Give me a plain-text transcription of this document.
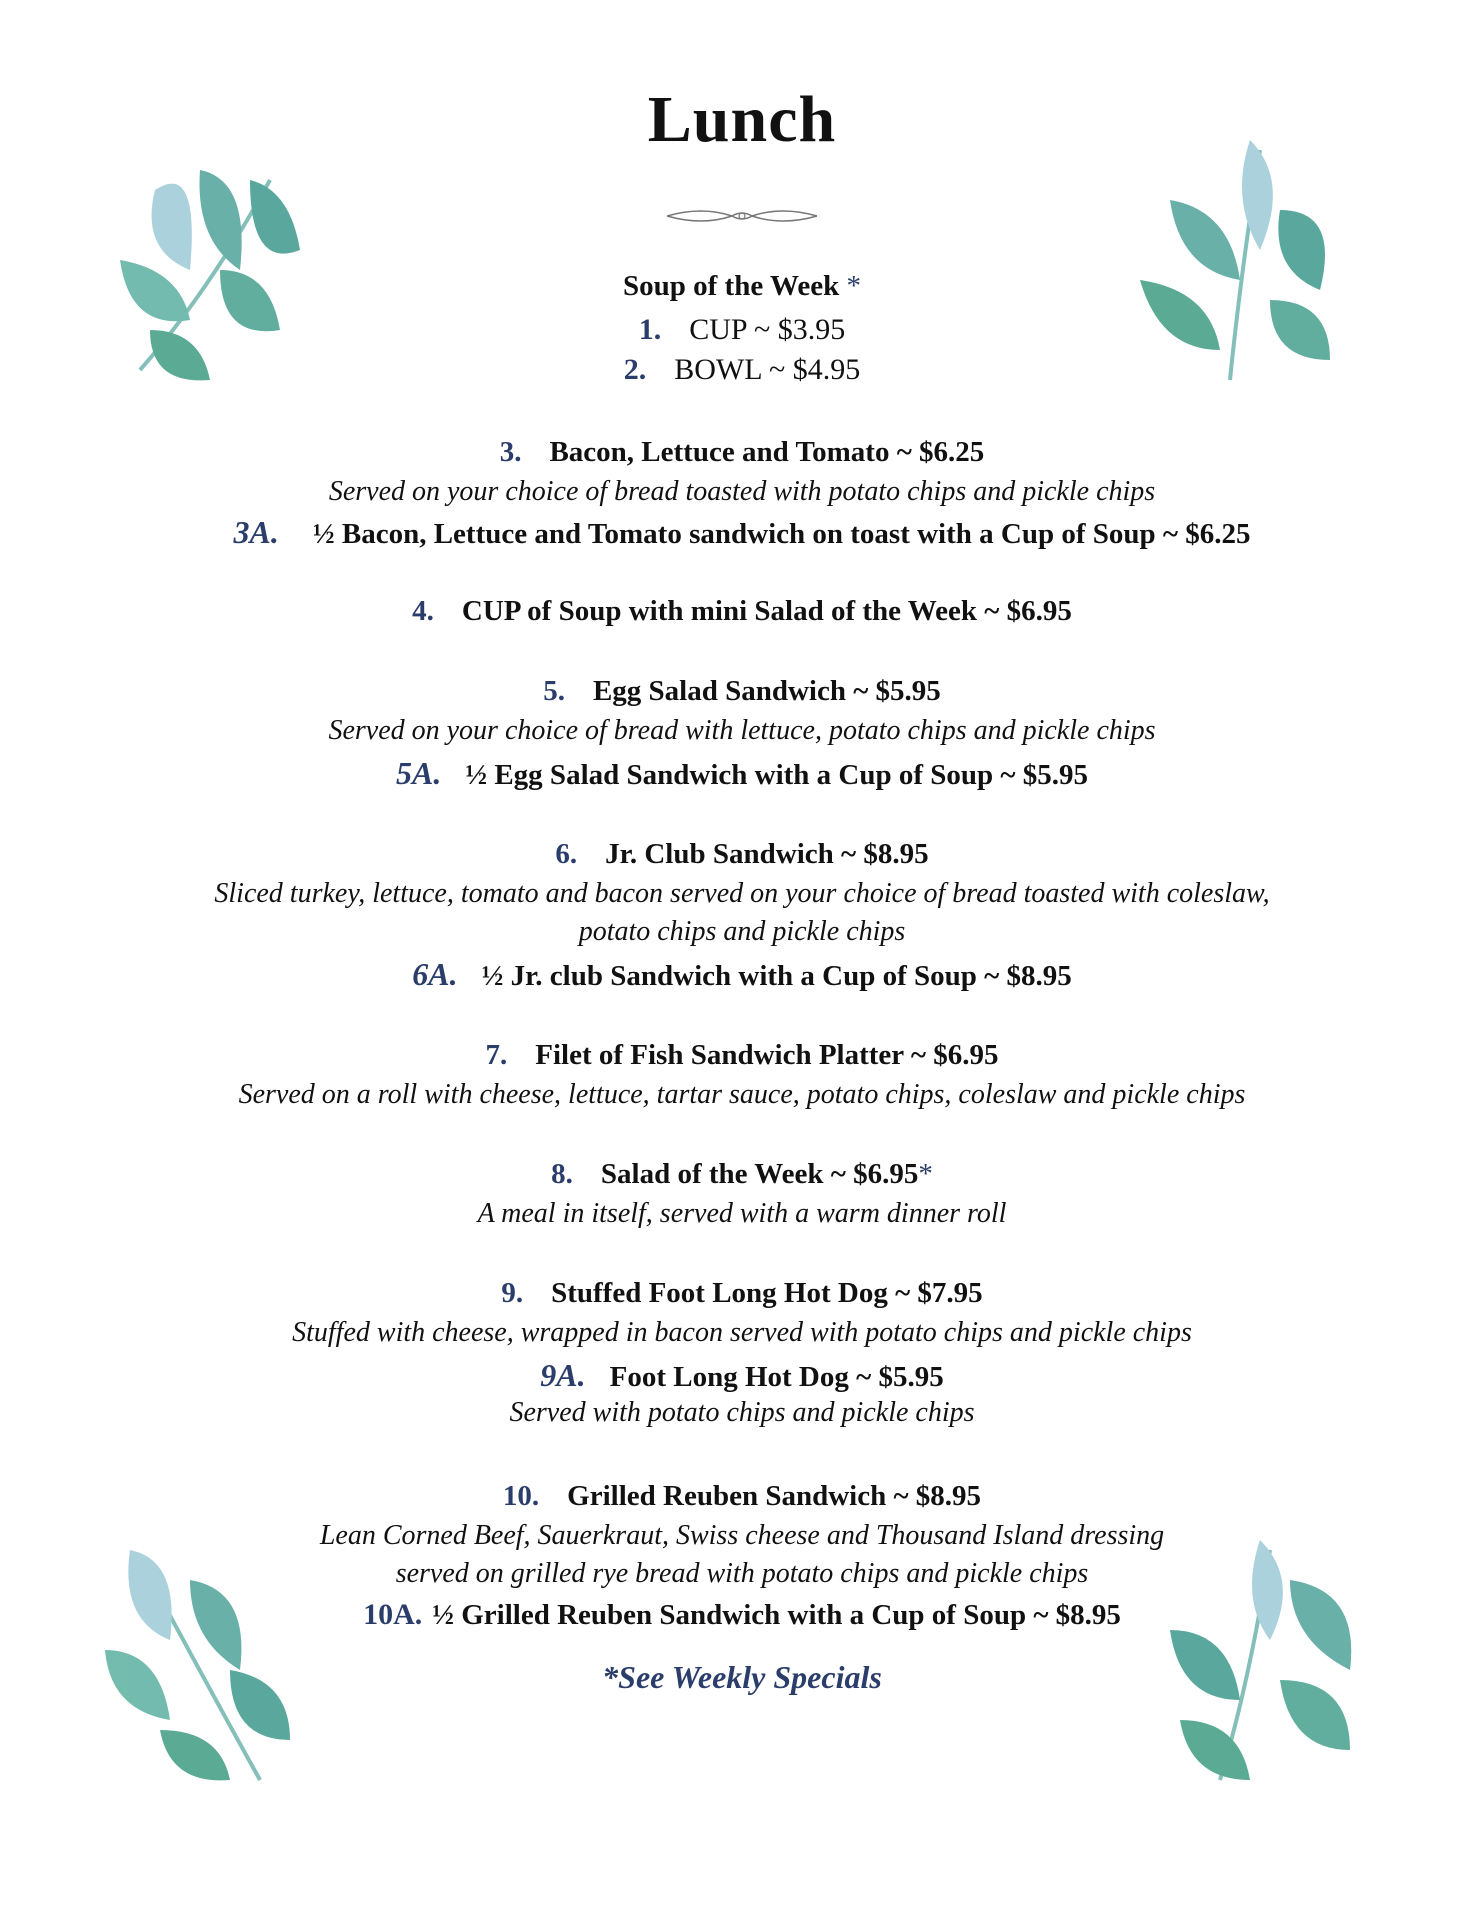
Lunch
Soup of the Week *
1. CUP ~ $3.95
2. BOWL ~ $4.95
3. Bacon, Lettuce and Tomato ~ $6.25
Served on your choice of bread toasted with potato chips and pickle chips
3A. ½ Bacon, Lettuce and Tomato sandwich on toast with a Cup of Soup ~ $6.25
4. CUP of Soup with mini Salad of the Week ~ $6.95
5. Egg Salad Sandwich ~ $5.95
Served on your choice of bread with lettuce, potato chips and pickle chips
5A. ½ Egg Salad Sandwich with a Cup of Soup ~ $5.95
6. Jr. Club Sandwich ~ $8.95
Sliced turkey, lettuce, tomato and bacon served on your choice of bread toasted with coleslaw,
potato chips and pickle chips
6A. ½ Jr. club Sandwich with a Cup of Soup ~ $8.95
7. Filet of Fish Sandwich Platter ~ $6.95
Served on a roll with cheese, lettuce, tartar sauce, potato chips, coleslaw and pickle chips
8. Salad of the Week ~ $6.95*
A meal in itself, served with a warm dinner roll
9. Stuffed Foot Long Hot Dog ~ $7.95
Stuffed with cheese, wrapped in bacon served with potato chips and pickle chips
9A. Foot Long Hot Dog ~ $5.95
Served with potato chips and pickle chips
10. Grilled Reuben Sandwich ~ $8.95
Lean Corned Beef, Sauerkraut, Swiss cheese and Thousand Island dressing
served on grilled rye bread with potato chips and pickle chips
10A. ½ Grilled Reuben Sandwich with a Cup of Soup ~ $8.95
*See Weekly Specials
